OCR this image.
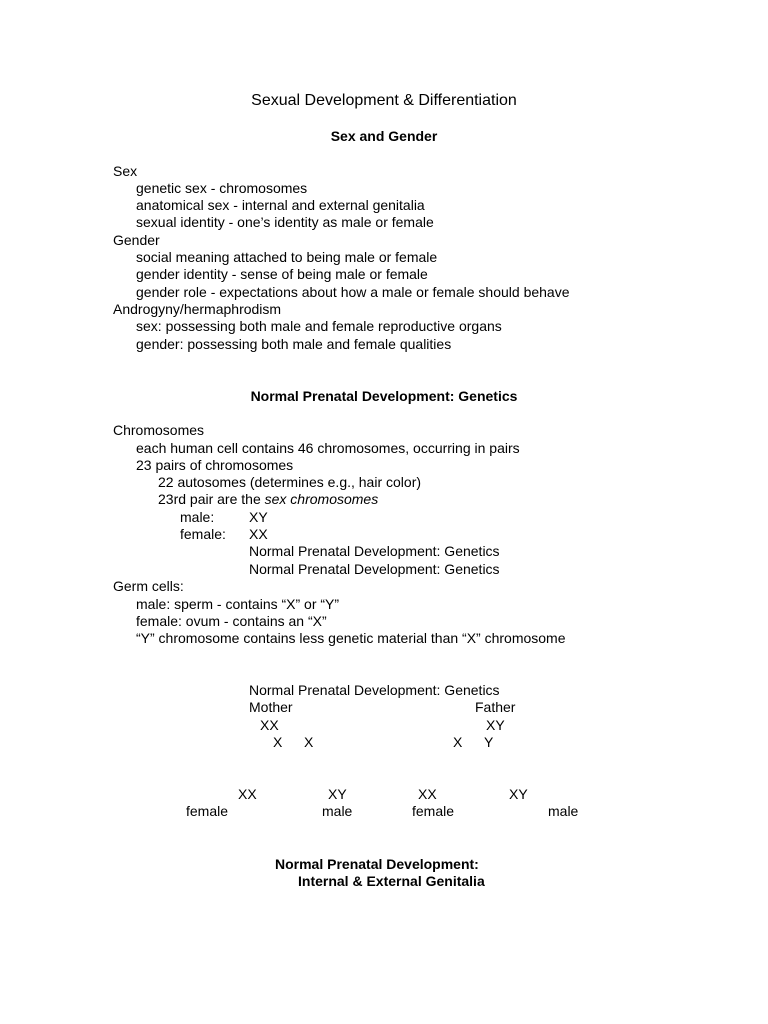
Sexual Development & Differentiation
Sex and Gender
Sex
genetic sex - chromosomes
anatomical sex - internal and external genitalia
sexual identity - one’s identity as male or female
Gender
social meaning attached to being male or female
gender identity - sense of being male or female
gender role - expectations about how a male or female should behave
Androgyny/hermaphrodism
sex: possessing both male and female reproductive organs
gender: possessing both male and female qualities
Normal Prenatal Development: Genetics
Chromosomes
each human cell contains 46 chromosomes, occurring in pairs
23 pairs of chromosomes
22 autosomes (determines e.g., hair color)
23rd pair are the sex chromosomes
male: XY
female: XX
Normal Prenatal Development: Genetics
Normal Prenatal Development: Genetics
Germ cells:
male: sperm - contains “X” or “Y”
female: ovum - contains an “X”
“Y” chromosome contains less genetic material than “X” chromosome
Normal Prenatal Development: Genetics
Mother	Father
XX	XY
X X	X Y
XX	XY	XX	XY
female	male	female	male
Normal Prenatal Development:
Internal & External Genitalia
